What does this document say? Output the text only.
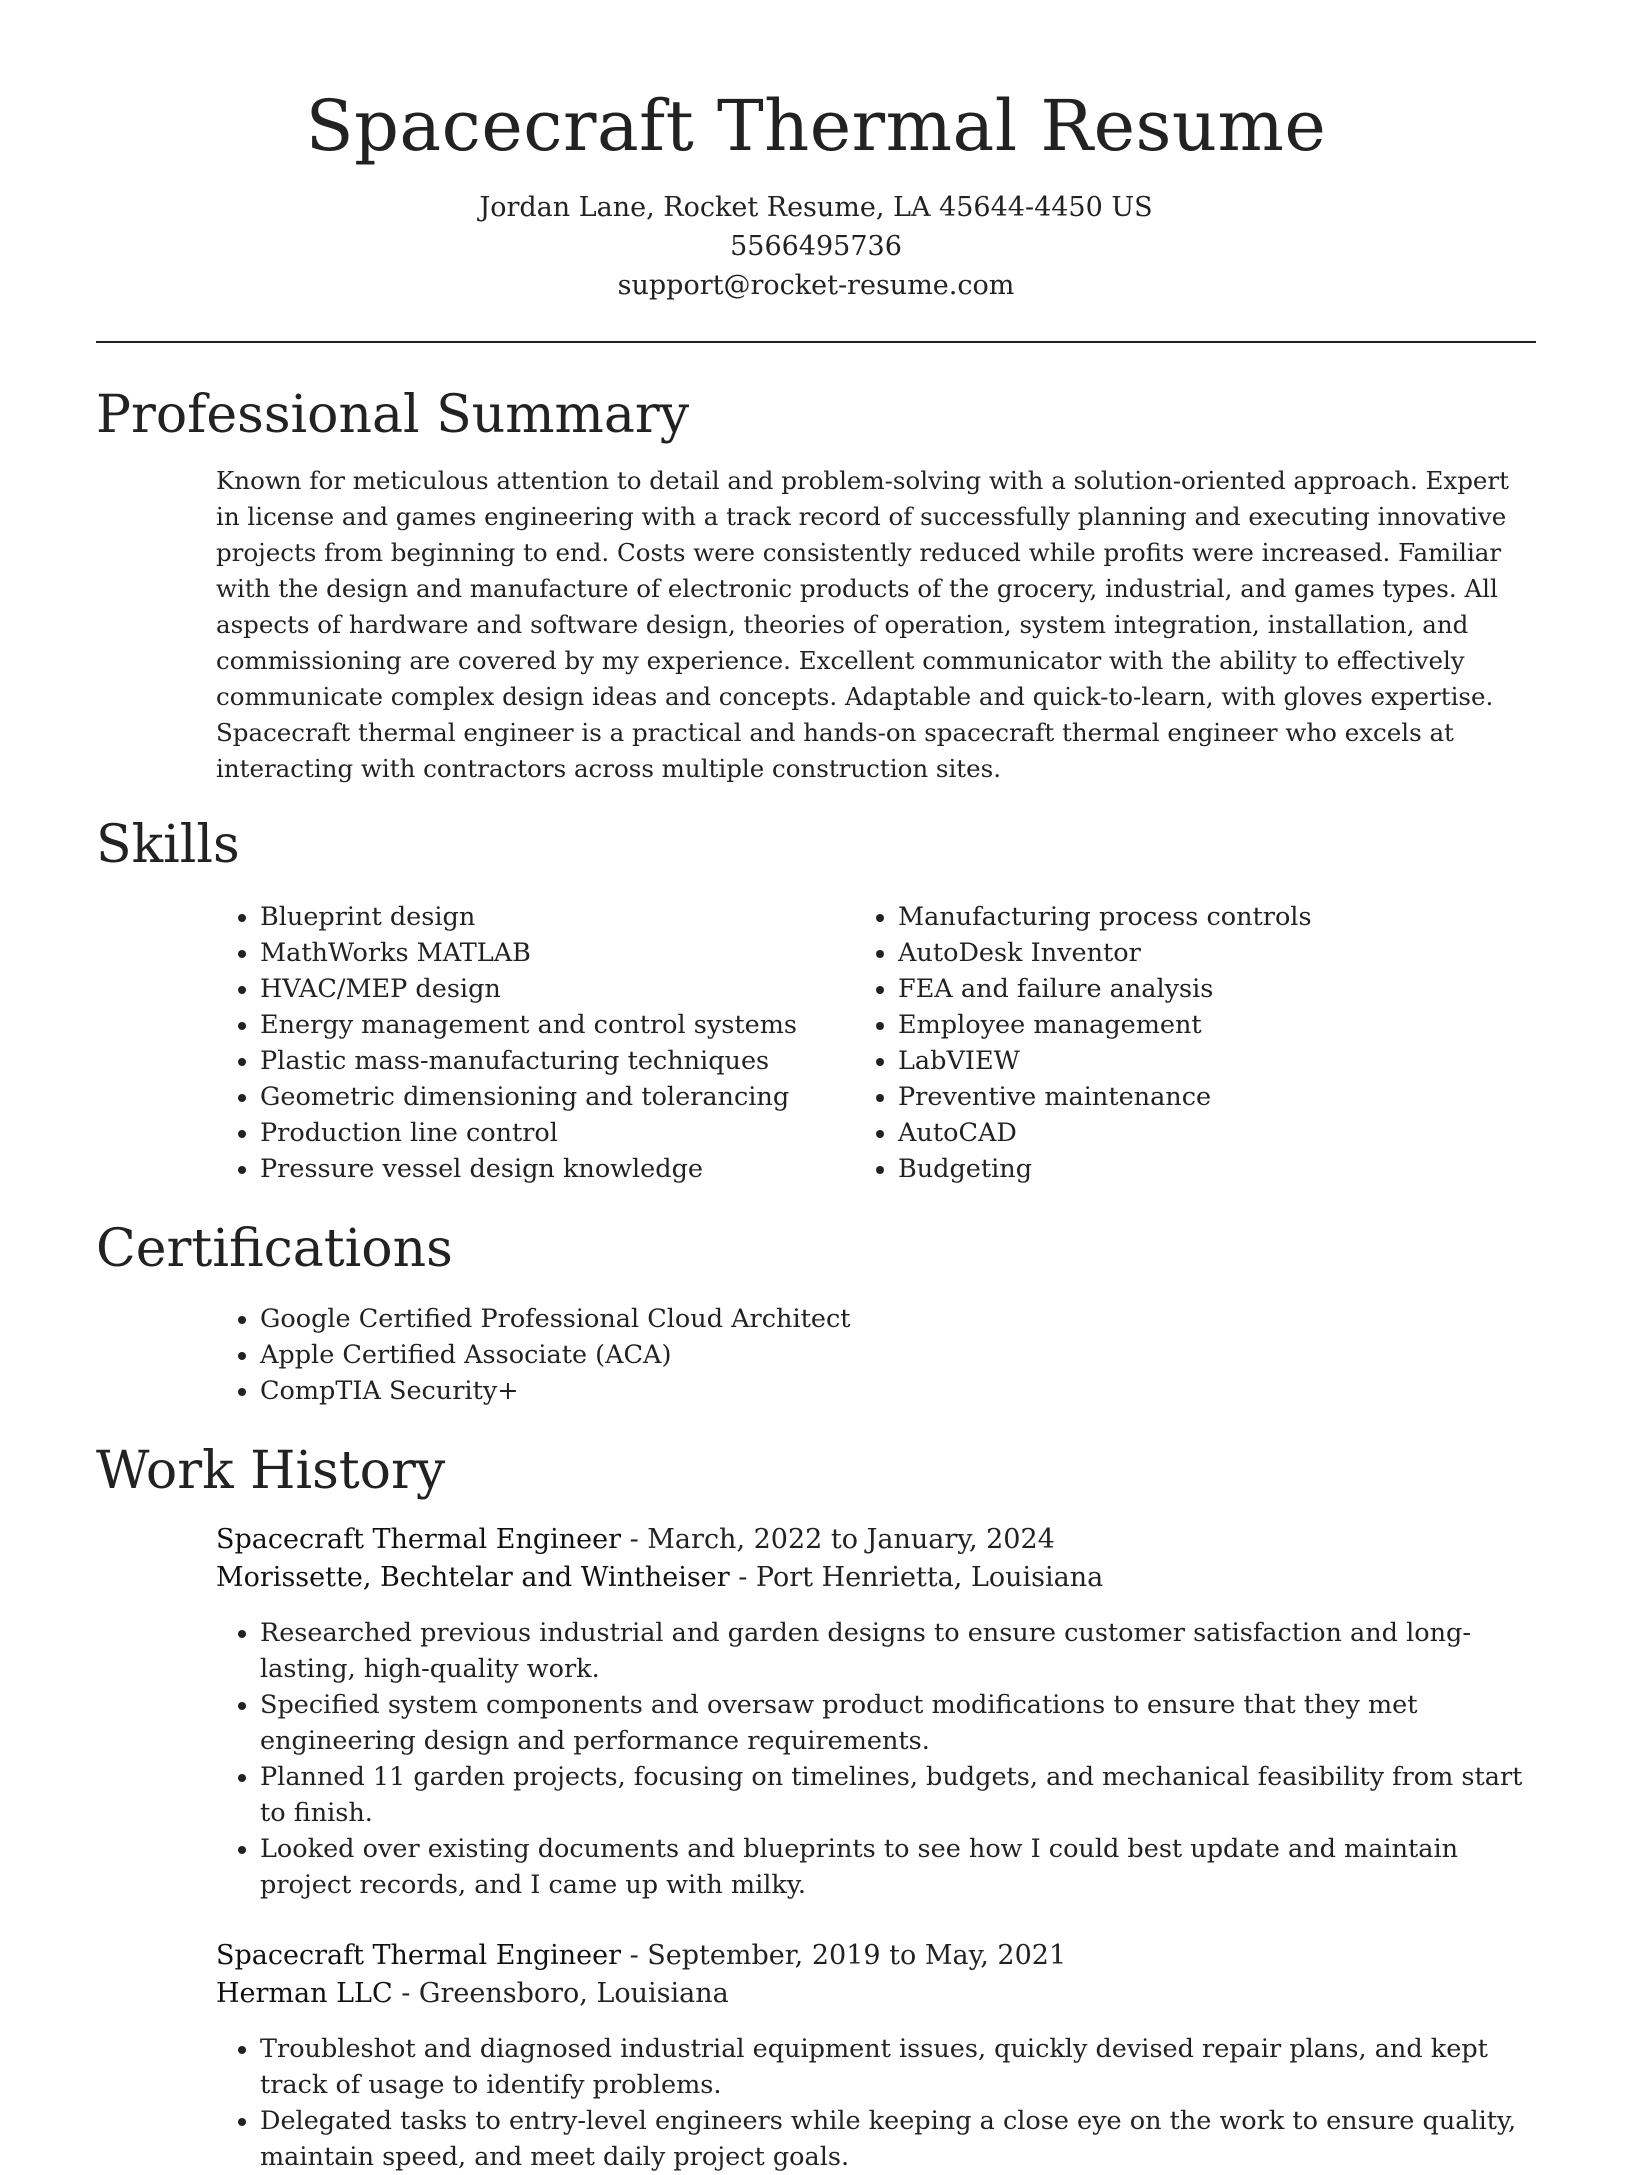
Spacecraft Thermal Resume

Jordan Lane, Rocket Resume, LA 45644-4450 US

5566495736

support@rocket-resume.com

Professional Summary

Known for meticulous attention to detail and problem-solving with a solution-oriented approach. Expert in license and games engineering with a track record of successfully planning and executing innovative projects from beginning to end. Costs were consistently reduced while profits were increased. Familiar with the design and manufacture of electronic products of the grocery, industrial, and games types. All aspects of hardware and software design, theories of operation, system integration, installation, and commissioning are covered by my experience. Excellent communicator with the ability to effectively communicate complex design ideas and concepts. Adaptable and quick-to-learn, with gloves expertise. Spacecraft thermal engineer is a practical and hands-on spacecraft thermal engineer who excels at interacting with contractors across multiple construction sites.

Skills
• Blueprint design
• MathWorks MATLAB
• HVAC/MEP design
• Energy management and control systems
• Plastic mass-manufacturing techniques
• Geometric dimensioning and tolerancing
• Production line control
• Pressure vessel design knowledge
• Manufacturing process controls
• AutoDesk Inventor
• FEA and failure analysis
• Employee management
• LabVIEW
• Preventive maintenance
• AutoCAD
• Budgeting
Certifications
• Google Certified Professional Cloud Architect
• Apple Certified Associate (ACA)
• CompTIA Security+
Work History
Spacecraft Thermal Engineer - March, 2022 to January, 2024
Morissette, Bechtelar and Wintheiser - Port Henrietta, Louisiana
• Researched previous industrial and garden designs to ensure customer satisfaction and long-lasting, high-quality work.
• Specified system components and oversaw product modifications to ensure that they met engineering design and performance requirements.
• Planned 11 garden projects, focusing on timelines, budgets, and mechanical feasibility from start to finish.
• Looked over existing documents and blueprints to see how I could best update and maintain project records, and I came up with milky.
Spacecraft Thermal Engineer - September, 2019 to May, 2021
Herman LLC - Greensboro, Louisiana
• Troubleshot and diagnosed industrial equipment issues, quickly devised repair plans, and kept track of usage to identify problems.
• Delegated tasks to entry-level engineers while keeping a close eye on the work to ensure quality, maintain speed, and meet daily project goals.
